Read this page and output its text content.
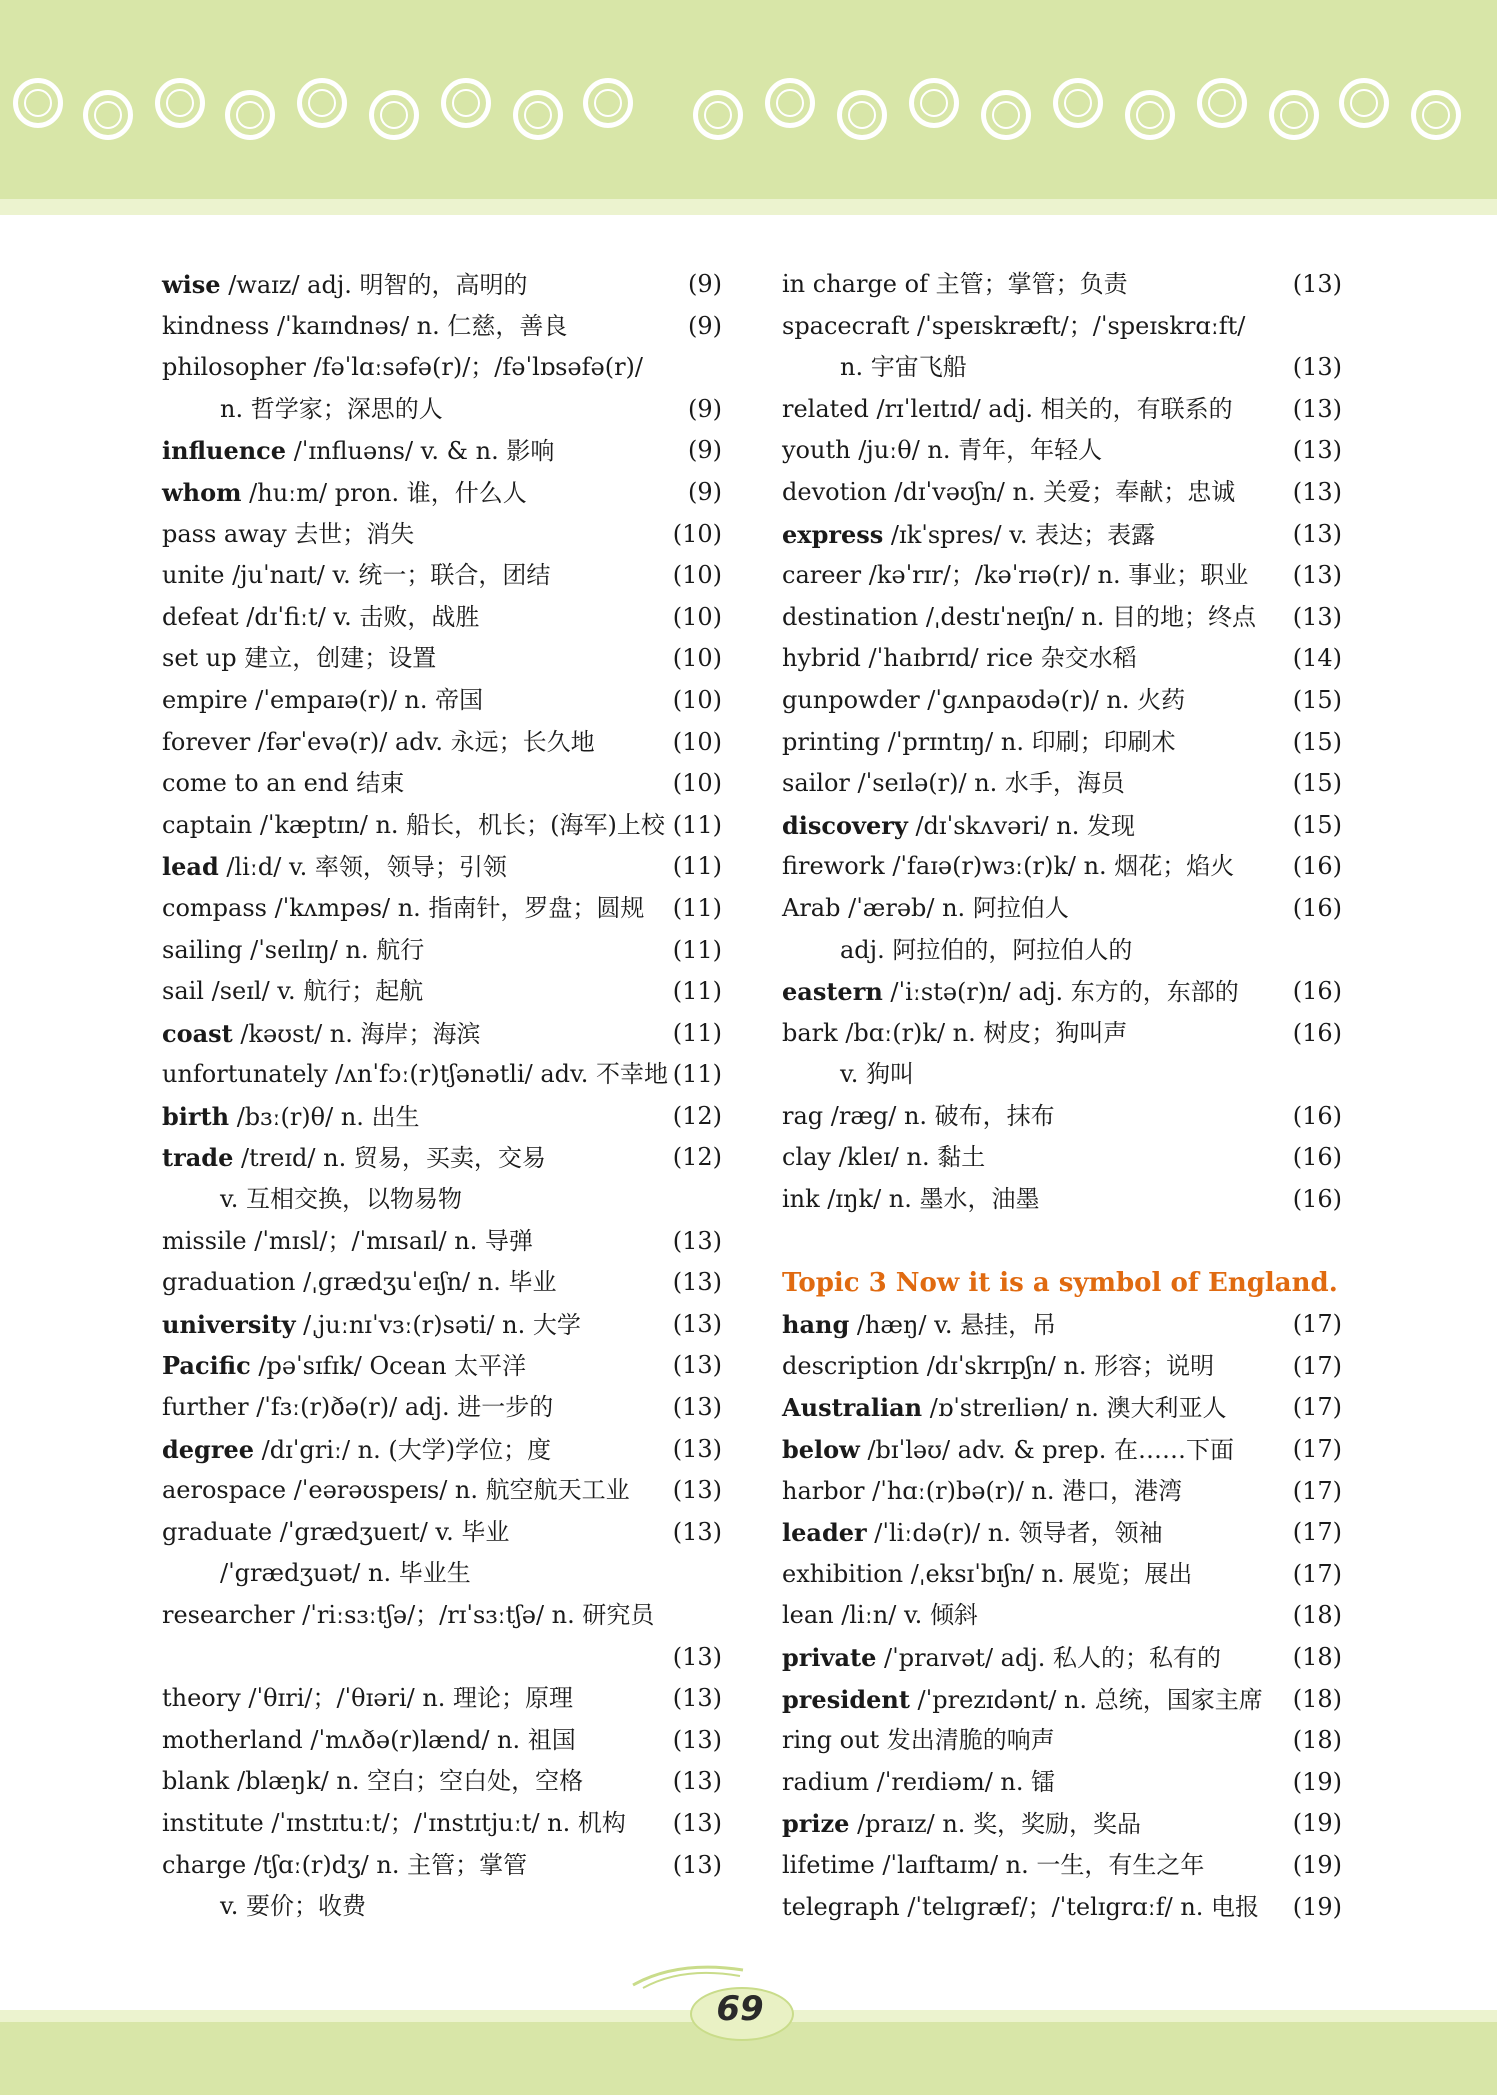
wise /waɪz/ adj. 明智的，高明的	(9)
kindness /ˈkaɪndnəs/ n. 仁慈，善良	(9)
philosopher /fəˈlɑːsəfə(r)/；/fəˈlɒsəfə(r)/
n. 哲学家；深思的人	(9)
influence /ˈɪnfluəns/ v. & n. 影响	(9)
whom /huːm/ pron. 谁，什么人	(9)
pass away 去世；消失	(10)
unite /juˈnaɪt/ v. 统一；联合，团结	(10)
defeat /dɪˈfiːt/ v. 击败，战胜	(10)
set up 建立，创建；设置	(10)
empire /ˈempaɪə(r)/ n. 帝国	(10)
forever /fərˈevə(r)/ adv. 永远；长久地	(10)
come to an end 结束	(10)
captain /ˈkæptɪn/ n. 船长，机长；(海军)上校 (11)
lead /liːd/ v. 率领，领导；引领	(11)
compass /ˈkʌmpəs/ n. 指南针，罗盘；圆规 (11)
sailing /ˈseɪlɪŋ/ n. 航行	(11)
sail /seɪl/ v. 航行；起航	(11)
coast /kəʊst/ n. 海岸；海滨	(11)
unfortunately /ʌnˈfɔː(r)tʃənətli/ adv. 不幸地 (11)
birth /bɜː(r)θ/ n. 出生	(12)
trade /treɪd/ n. 贸易，买卖，交易	(12)
v. 互相交换，以物易物
missile /ˈmɪsl/；/ˈmɪsaɪl/ n. 导弹	(13)
graduation /ˌgrædʒuˈeɪʃn/ n. 毕业	(13)
university /ˌjuːnɪˈvɜː(r)səti/ n. 大学	(13)
Pacific /pəˈsɪfɪk/ Ocean 太平洋	(13)
further /ˈfɜː(r)ðə(r)/ adj. 进一步的	(13)
degree /dɪˈgriː/ n. (大学)学位；度	(13)
aerospace /ˈeərəʊspeɪs/ n. 航空航天工业 (13)
graduate /ˈgrædʒueɪt/ v. 毕业	(13)
/ˈgrædʒuət/ n. 毕业生
researcher /ˈriːsɜːtʃə/；/rɪˈsɜːtʃə/ n. 研究员
(13)
theory /ˈθɪri/；/ˈθɪəri/ n. 理论；原理	(13)
motherland /ˈmʌðə(r)lænd/ n. 祖国	(13)
blank /blæŋk/ n. 空白；空白处，空格	(13)
institute /ˈɪnstɪtuːt/；/ˈɪnstɪtjuːt/ n. 机构 (13)
charge /tʃɑː(r)dʒ/ n. 主管；掌管	(13)
v. 要价；收费
in charge of 主管；掌管；负责	(13)
spacecraft /ˈspeɪskræft/；/ˈspeɪskrɑːft/
n. 宇宙飞船	(13)
related /rɪˈleɪtɪd/ adj. 相关的，有联系的	(13)
youth /juːθ/ n. 青年，年轻人	(13)
devotion /dɪˈvəʊʃn/ n. 关爱；奉献；忠诚 (13)
express /ɪkˈspres/ v. 表达；表露	(13)
career /kəˈrɪr/；/kəˈrɪə(r)/ n. 事业；职业 (13)
destination /ˌdestɪˈneɪʃn/ n. 目的地；终点 (13)
hybrid /ˈhaɪbrɪd/ rice 杂交水稻	(14)
gunpowder /ˈgʌnpaʊdə(r)/ n. 火药	(15)
printing /ˈprɪntɪŋ/ n. 印刷；印刷术	(15)
sailor /ˈseɪlə(r)/ n. 水手，海员	(15)
discovery /dɪˈskʌvəri/ n. 发现	(15)
firework /ˈfaɪə(r)wɜː(r)k/ n. 烟花；焰火 (16)
Arab /ˈærəb/ n. 阿拉伯人	(16)
adj. 阿拉伯的，阿拉伯人的
eastern /ˈiːstə(r)n/ adj. 东方的，东部的 (16)
bark /bɑː(r)k/ n. 树皮；狗叫声	(16)
v. 狗叫
rag /ræg/ n. 破布，抹布	(16)
clay /kleɪ/ n. 黏土	(16)
ink /ɪŋk/ n. 墨水，油墨	(16)
Topic 3 Now it is a symbol of England.
hang /hæŋ/ v. 悬挂，吊	(17)
description /dɪˈskrɪpʃn/ n. 形容；说明	(17)
Australian /ɒˈstreɪliən/ n. 澳大利亚人	(17)
below /bɪˈləʊ/ adv. & prep. 在……下面 (17)
harbor /ˈhɑː(r)bə(r)/ n. 港口，港湾	(17)
leader /ˈliːdə(r)/ n. 领导者，领袖	(17)
exhibition /ˌeksɪˈbɪʃn/ n. 展览；展出	(17)
lean /liːn/ v. 倾斜	(18)
private /ˈpraɪvət/ adj. 私人的；私有的	(18)
president /ˈprezɪdənt/ n. 总统，国家主席 (18)
ring out 发出清脆的响声	(18)
radium /ˈreɪdiəm/ n. 镭	(19)
prize /praɪz/ n. 奖，奖励，奖品	(19)
lifetime /ˈlaɪftaɪm/ n. 一生，有生之年	(19)
telegraph /ˈtelɪgræf/；/ˈtelɪgrɑːf/ n. 电报 (19)
69
